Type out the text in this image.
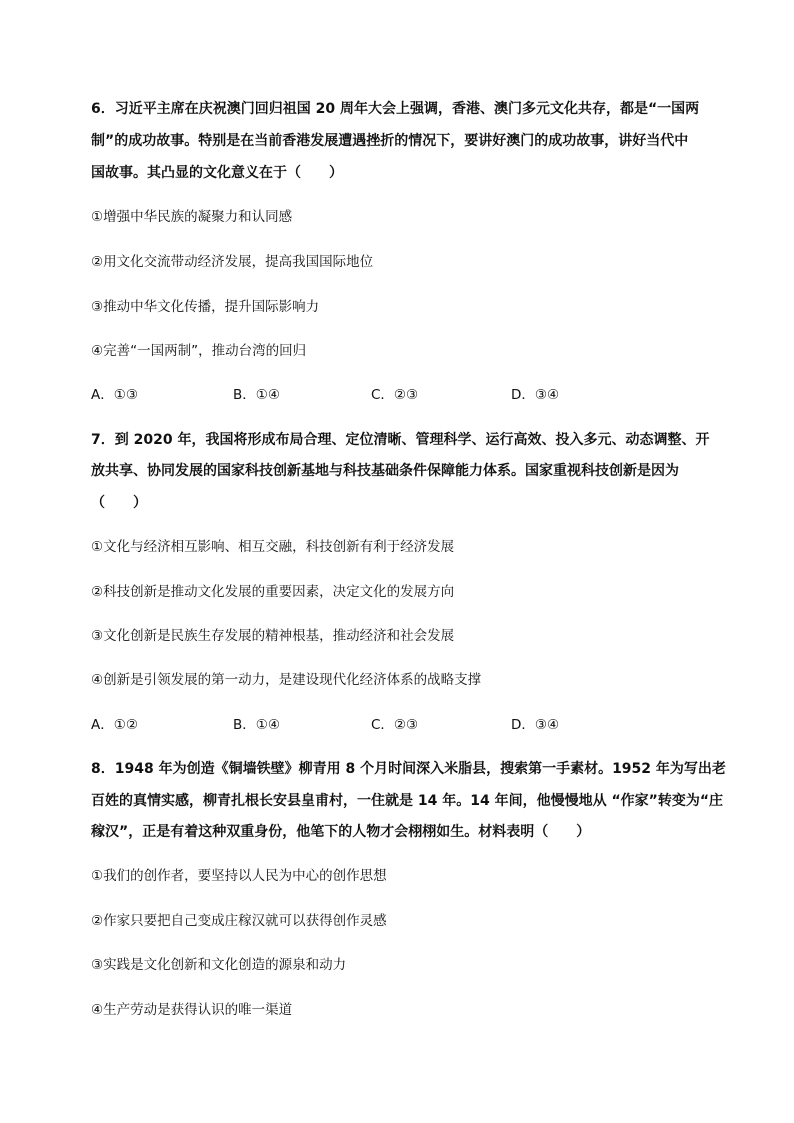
6．习近平主席在庆祝澳门回归祖国 20 周年大会上强调，香港、澳门多元文化共存，都是“一国两
制”的成功故事。特别是在当前香港发展遭遇挫折的情况下，要讲好澳门的成功故事，讲好当代中
国故事。其凸显的文化意义在于（　　）
①增强中华民族的凝聚力和认同感
②用文化交流带动经济发展，提高我国国际地位
③推动中华文化传播，提升国际影响力
④完善“一国两制”，推动台湾的回归
A．①③	B．①④	C．②③	D．③④
7．到 2020 年，我国将形成布局合理、定位清晰、管理科学、运行高效、投入多元、动态调整、开
放共享、协同发展的国家科技创新基地与科技基础条件保障能力体系。国家重视科技创新是因为
（　　）
①文化与经济相互影响、相互交融，科技创新有利于经济发展
②科技创新是推动文化发展的重要因素，决定文化的发展方向
③文化创新是民族生存发展的精神根基，推动经济和社会发展
④创新是引领发展的第一动力，是建设现代化经济体系的战略支撑
A．①②	B．①④	C．②③	D．③④
8．1948 年为创造《铜墙铁壁》柳青用 8 个月时间深入米脂县，搜索第一手素材。1952 年为写出老
百姓的真情实感，柳青扎根长安县皇甫村，一住就是 14 年。14 年间，他慢慢地从 “作家”转变为“庄
稼汉”，正是有着这种双重身份，他笔下的人物才会栩栩如生。材料表明（　　）
①我们的创作者，要坚持以人民为中心的创作思想
②作家只要把自己变成庄稼汉就可以获得创作灵感
③实践是文化创新和文化创造的源泉和动力
④生产劳动是获得认识的唯一渠道
